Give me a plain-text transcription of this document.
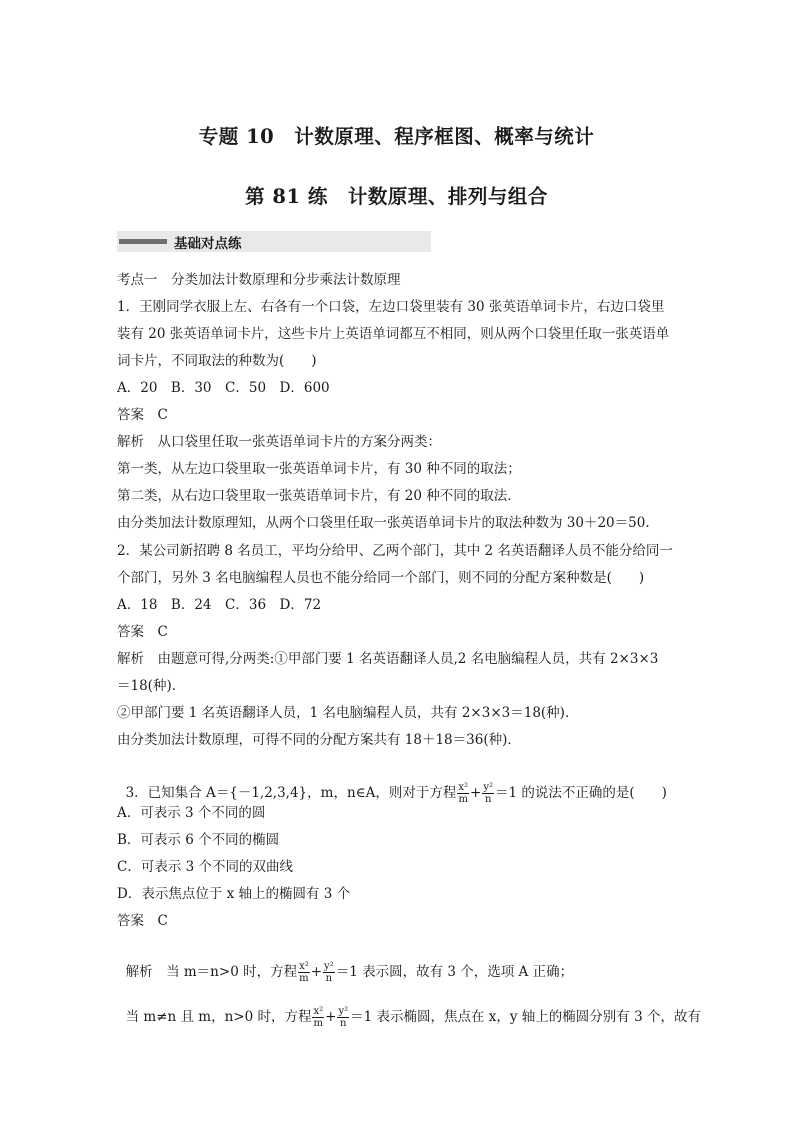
专题 10　计数原理、程序框图、概率与统计
第 81 练　计数原理、排列与组合
基础对点练
考点一　分类加法计数原理和分步乘法计数原理
1．王刚同学衣服上左、右各有一个口袋，左边口袋里装有 30 张英语单词卡片，右边口袋里
装有 20 张英语单词卡片，这些卡片上英语单词都互不相同，则从两个口袋里任取一张英语单
词卡片，不同取法的种数为(　　)
A．20　B．30　C．50　D．600
答案　C
解析　从口袋里任取一张英语单词卡片的方案分两类：
第一类，从左边口袋里取一张英语单词卡片，有 30 种不同的取法；
第二类，从右边口袋里取一张英语单词卡片，有 20 种不同的取法．
由分类加法计数原理知，从两个口袋里任取一张英语单词卡片的取法种数为 30＋20＝50.
2．某公司新招聘 8 名员工，平均分给甲、乙两个部门，其中 2 名英语翻译人员不能分给同一
个部门，另外 3 名电脑编程人员也不能分给同一个部门，则不同的分配方案种数是(　　)
A．18　B．24　C．36　D．72
答案　C
解析　由题意可得,分两类:①甲部门要 1 名英语翻译人员,2 名电脑编程人员，共有 2×3×3
＝18(种)．
②甲部门要 1 名英语翻译人员，1 名电脑编程人员，共有 2×3×3＝18(种)．
由分类加法计数原理，可得不同的分配方案共有 18＋18＝36(种)．

3．已知集合 A＝{－1,2,3,4}，m，n∈A，则对于方程 $\frac{\text{x²}}{m} + \frac{\text{y²}}{n} =1$ 的说法不正确的是(　　)

A．可表示 3 个不同的圆
B．可表示 6 个不同的椭圆
C．可表示 3 个不同的双曲线
D．表示焦点位于 x 轴上的椭圆有 3 个
答案　C

解析　当 m＝n>0 时，方程 $\frac{\text{x²}}{m} + \frac{\text{y²}}{n} =1$ 表示圆，故有 3 个，选项 A 正确；

当 m≠n 且 m，n>0 时，方程 $\frac{\text{x²}}{m} + \frac{\text{y²}}{n} =1$ 表示椭圆，焦点在 x，y 轴上的椭圆分别有 3 个，故有
